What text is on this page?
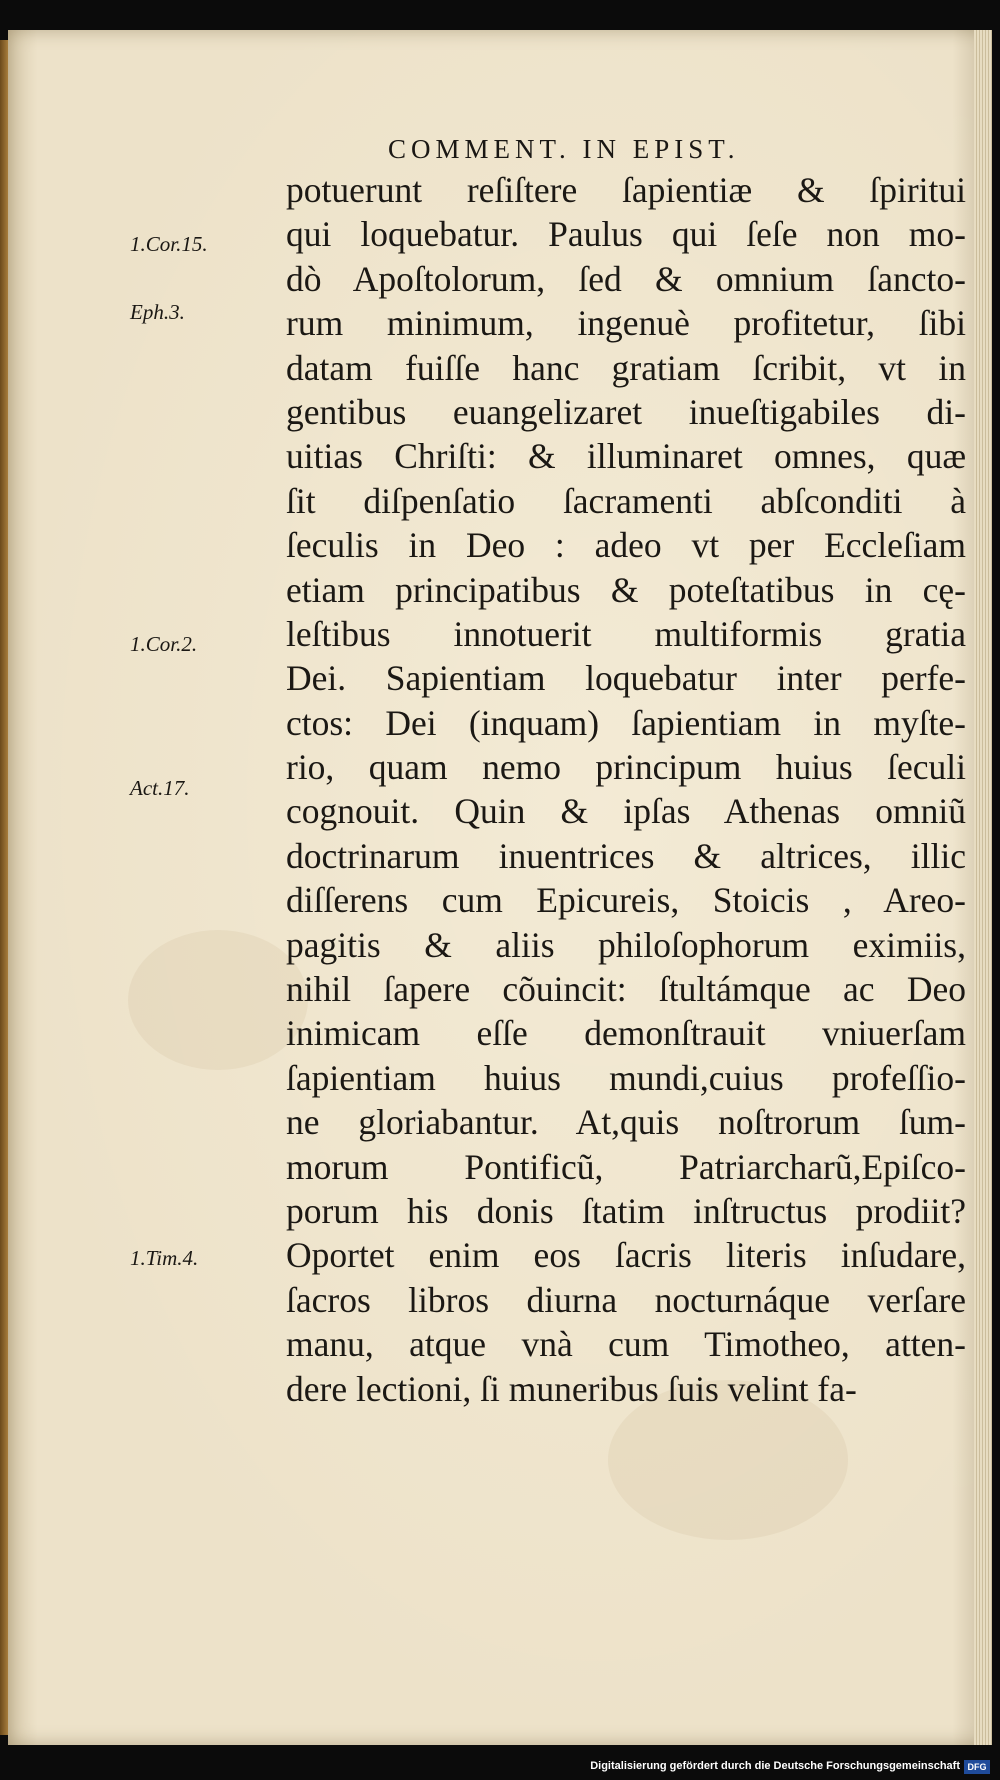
COMMENT. IN EPIST.
1.Cor.15.
Eph.3.
1.Cor.2.
Act.17.
1.Tim.4.
potuerunt reſiſtere ſapientiæ & ſpiritui
qui loquebatur. Paulus qui ſeſe non mo-
dò Apoſtolorum, ſed & omnium ſancto-
rum minimum, ingenuè profitetur, ſibi
datam fuiſſe hanc gratiam ſcribit, vt in
gentibus euangelizaret inueſtigabiles di-
uitias Chriſti: & illuminaret omnes, quæ
ſit diſpenſatio ſacramenti abſconditi à
ſeculis in Deo : adeo vt per Eccleſiam
etiam principatibus & poteſtatibus in cę-
leſtibus innotuerit multiformis gratia
Dei. Sapientiam loquebatur inter perfe-
ctos: Dei (inquam) ſapientiam in myſte-
rio, quam nemo principum huius ſeculi
cognouit. Quin & ipſas Athenas omniũ
doctrinarum inuentrices & altrices, illic
diſſerens cum Epicureis, Stoicis , Areo-
pagitis & aliis philoſophorum eximiis,
nihil ſapere cõuincit: ſtultámque ac Deo
inimicam eſſe demonſtrauit vniuerſam
ſapientiam huius mundi,cuius profeſſio-
ne gloriabantur. At,quis noſtrorum ſum-
morum Pontificũ, Patriarcharũ,Epiſco-
porum his donis ſtatim inſtructus prodiit?
Oportet enim eos ſacris literis inſudare,
ſacros libros diurna nocturnáque verſare
manu, atque vnà cum Timotheo, atten-
dere lectioni, ſi muneribus ſuis velint fa-
Digitalisierung gefördert durch die Deutsche Forschungsgemeinschaft DFG
